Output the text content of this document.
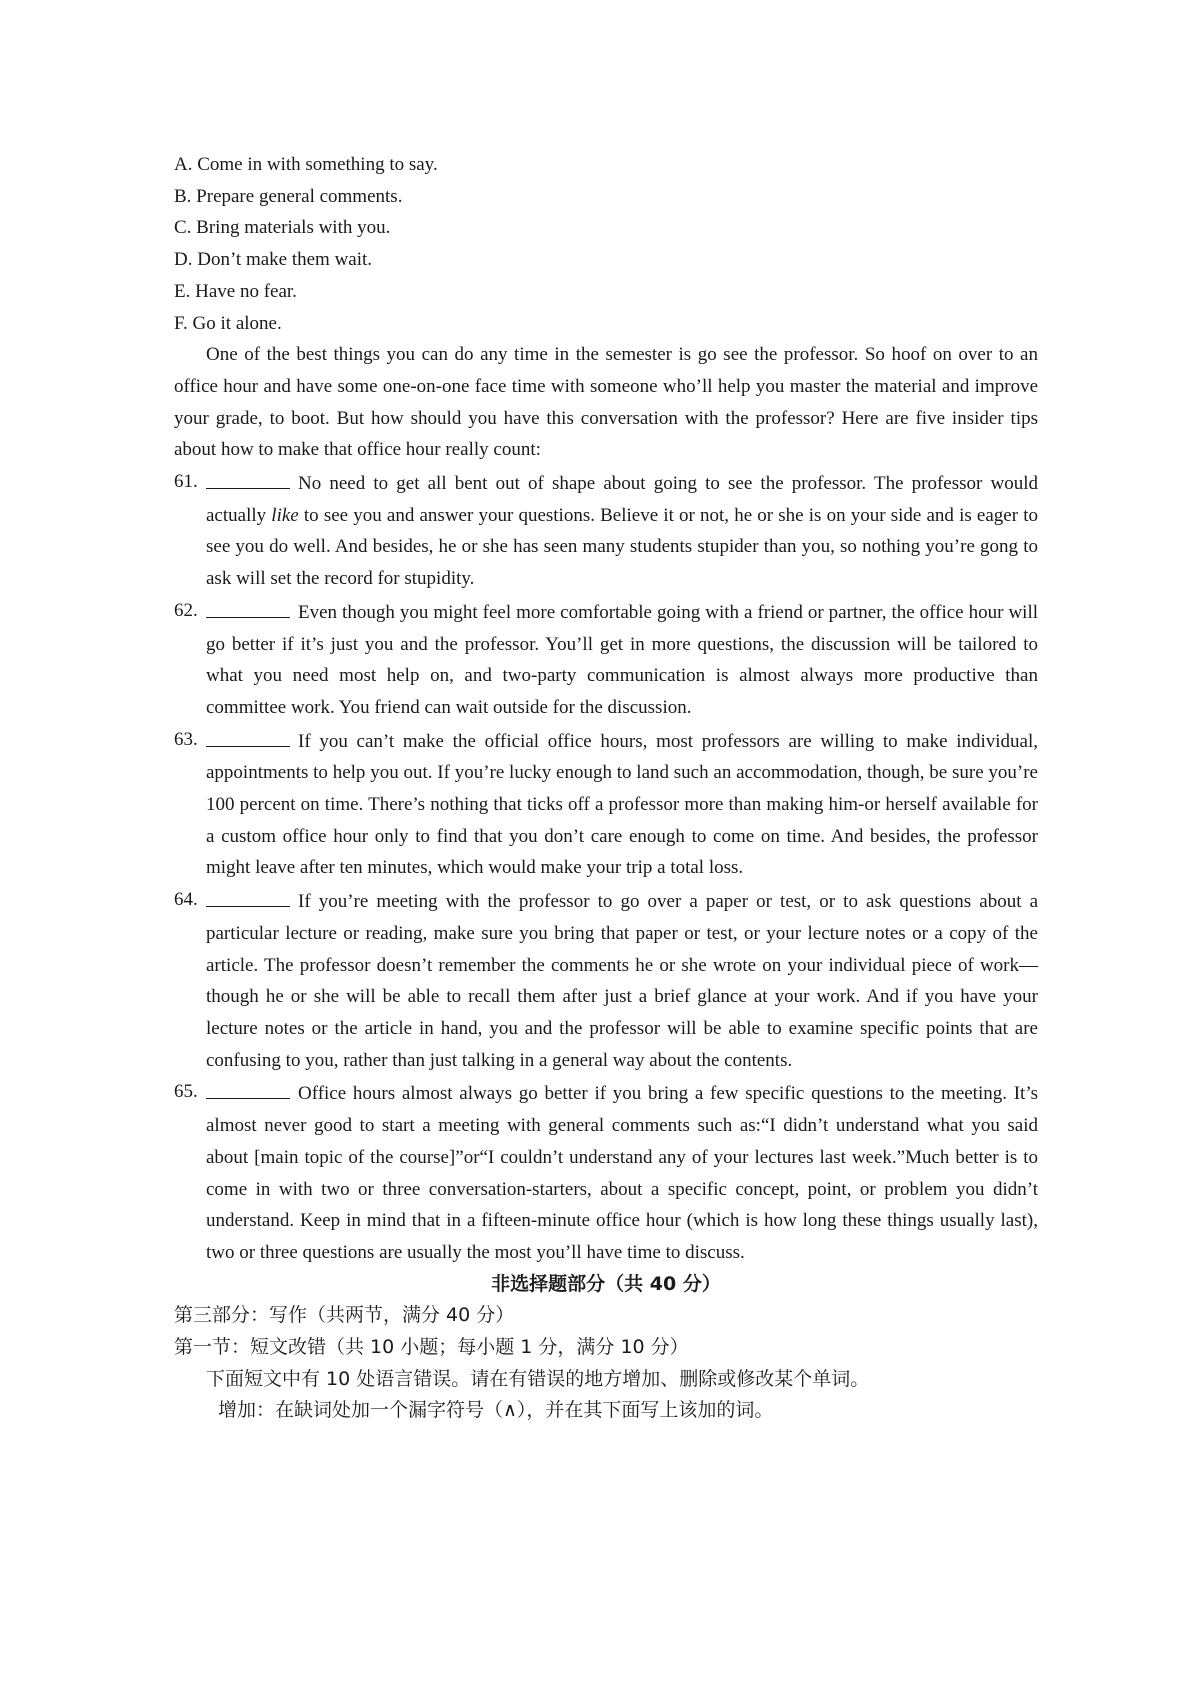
A. Come in with something to say.

B. Prepare general comments.

C. Bring materials with you.

D. Don’t make them wait.

E. Have no fear.

F. Go it alone.

One of the best things you can do any time in the semester is go see the professor. So hoof on over to an office hour and have some one-on-one face time with someone who’ll help you master the material and improve your grade, to boot. But how should you have this conversation with the professor? Here are five insider tips about how to make that office hour really count:

61.	No need to get all bent out of shape about going to see the professor. The professor would actually like to see you and answer your questions. Believe it or not, he or she is on your side and is eager to see you do well. And besides, he or she has seen many students stupider than you, so nothing you’re gong to ask will set the record for stupidity.
62.	Even though you might feel more comfortable going with a friend or partner, the office hour will go better if it’s just you and the professor. You’ll get in more questions, the discussion will be tailored to what you need most help on, and two-party communication is almost always more productive than committee work. You friend can wait outside for the discussion.
63.	If you can’t make the official office hours, most professors are willing to make individual, appointments to help you out. If you’re lucky enough to land such an accommodation, though, be sure you’re 100 percent on time. There’s nothing that ticks off a professor more than making him-or herself available for a custom office hour only to find that you don’t care enough to come on time. And besides, the professor might leave after ten minutes, which would make your trip a total loss.
64.	If you’re meeting with the professor to go over a paper or test, or to ask questions about a particular lecture or reading, make sure you bring that paper or test, or your lecture notes or a copy of the article. The professor doesn’t remember the comments he or she wrote on your individual piece of work—though he or she will be able to recall them after just a brief glance at your work. And if you have your lecture notes or the article in hand, you and the professor will be able to examine specific points that are confusing to you, rather than just talking in a general way about the contents.
65.	Office hours almost always go better if you bring a few specific questions to the meeting. It’s almost never good to start a meeting with general comments such as:“I didn’t understand what you said about [main topic of the course]”or“I couldn’t understand any of your lectures last week.”Much better is to come in with two or three conversation-starters, about a specific concept, point, or problem you didn’t understand. Keep in mind that in a fifteen-minute office hour (which is how long these things usually last), two or three questions are usually the most you’ll have time to discuss.

非选择题部分（共 40 分）

第三部分：写作（共两节，满分 40 分）

第一节：短文改错（共 10 小题；每小题 1 分，满分 10 分）

下面短文中有 10 处语言错误。请在有错误的地方增加、删除或修改某个单词。

增加：在缺词处加一个漏字符号（∧），并在其下面写上该加的词。
